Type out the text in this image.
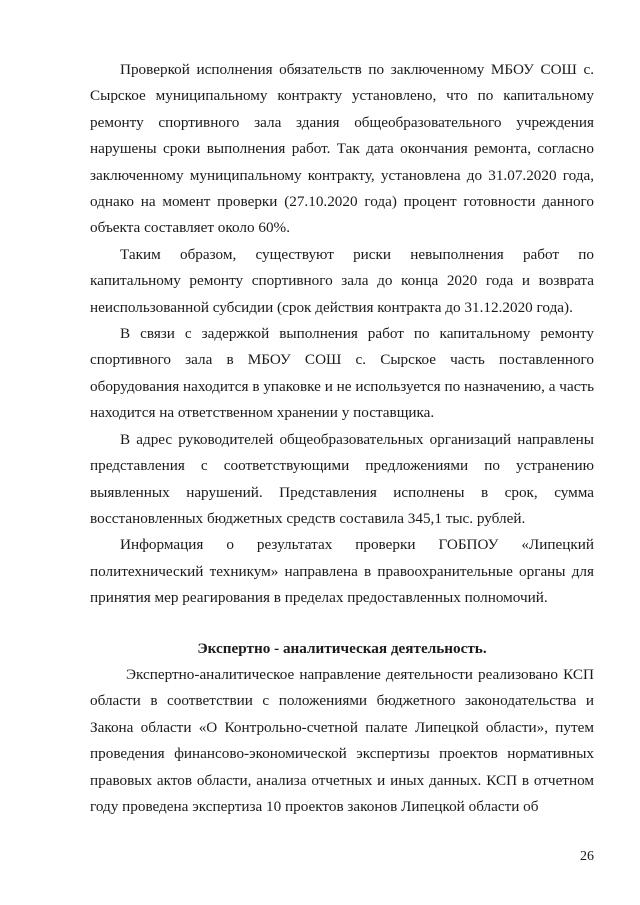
Проверкой исполнения обязательств по заключенному МБОУ СОШ с. Сырское муниципальному контракту установлено, что по капитальному ремонту спортивного зала здания общеобразовательного учреждения нарушены сроки выполнения работ. Так дата окончания ремонта, согласно заключенному муниципальному контракту, установлена до 31.07.2020 года, однако на момент проверки (27.10.2020 года) процент готовности данного объекта составляет около 60%.

Таким образом, существуют риски невыполнения работ по капитальному ремонту спортивного зала до конца 2020 года и возврата неиспользованной субсидии (срок действия контракта до 31.12.2020 года).

В связи с задержкой выполнения работ по капитальному ремонту спортивного зала в МБОУ СОШ с. Сырское часть поставленного оборудования находится в упаковке и не используется по назначению, а часть находится на ответственном хранении у поставщика.

В адрес руководителей общеобразовательных организаций направлены представления с соответствующими предложениями по устранению выявленных нарушений. Представления исполнены в срок, сумма восстановленных бюджетных средств составила 345,1 тыс. рублей.

Информация о результатах проверки ГОБПОУ «Липецкий политехнический техникум» направлена в правоохранительные органы для принятия мер реагирования в пределах предоставленных полномочий.

Экспертно - аналитическая деятельность.

Экспертно-аналитическое направление деятельности реализовано КСП области в соответствии с положениями бюджетного законодательства и Закона области «О Контрольно-счетной палате Липецкой области», путем проведения финансово-экономической экспертизы проектов нормативных правовых актов области, анализа отчетных и иных данных. КСП в отчетном году проведена экспертиза 10 проектов законов Липецкой области об

26
